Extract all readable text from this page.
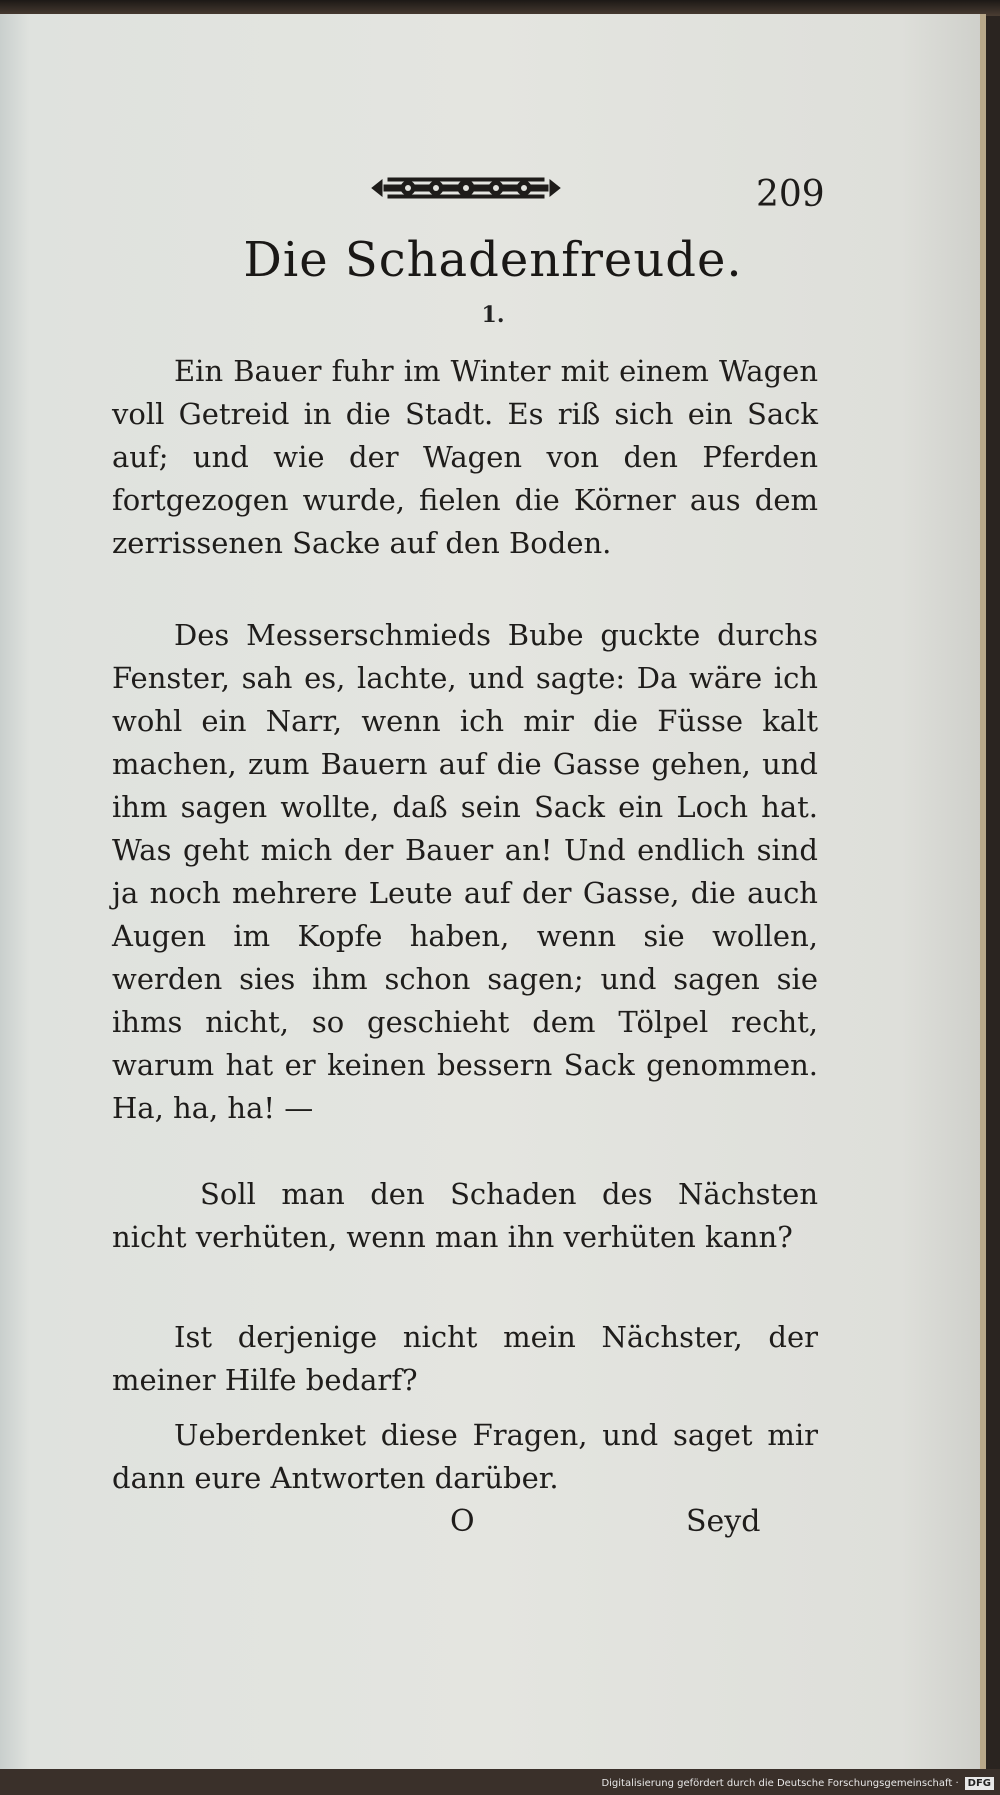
209
Die Schadenfreude.
1.

Ein Bauer fuhr im Winter mit einem Wagen voll Getreid in die Stadt. Es riß sich ein Sack auf; und wie der Wagen von den Pferden fortgezogen wurde, fielen die Körner aus dem zerrissenen Sacke auf den Boden.

Des Messerschmieds Bube guckte durchs Fenster, sah es, lachte, und sagte: Da wäre ich wohl ein Narr, wenn ich mir die Füsse kalt machen, zum Bauern auf die Gasse gehen, und ihm sagen wollte, daß sein Sack ein Loch hat. Was geht mich der Bauer an! Und endlich sind ja noch mehrere Leute auf der Gasse, die auch Augen im Kopfe haben, wenn sie wollen, werden sies ihm schon sagen; und sagen sie ihms nicht, so geschieht dem Tölpel recht, warum hat er keinen bessern Sack genommen. Ha, ha, ha! —

Soll man den Schaden des Nächsten nicht verhüten, wenn man ihn verhüten kann?

Ist derjenige nicht mein Nächster, der meiner Hilfe bedarf?

Ueberdenket diese Fragen, und saget mir dann eure Antworten darüber.

O	Seyd
Digitalisierung gefördert durch die Deutsche Forschungsgemeinschaft · DFG
